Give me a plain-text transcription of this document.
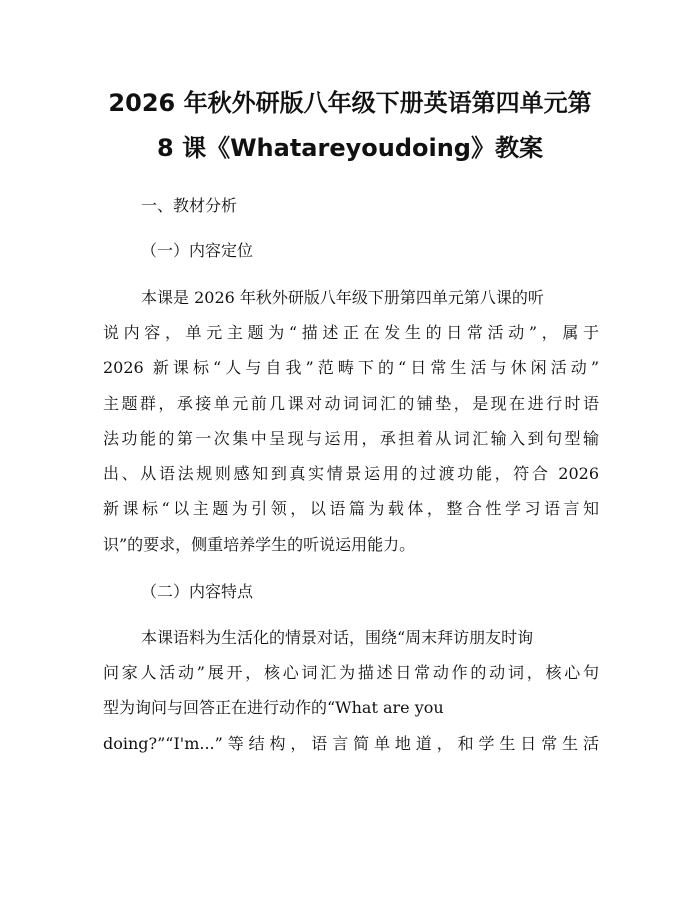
2026 年秋外研版八年级下册英语第四单元第
8 课《Whatareyoudoing》教案
一、教材分析
（一）内容定位
本课是 2026 年秋外研版八年级下册第四单元第八课的听
说内容，单元主题为“描述正在发生的日常活动”，属于
2026 新课标“人与自我”范畴下的“日常生活与休闲活动”
主题群，承接单元前几课对动词词汇的铺垫，是现在进行时语
法功能的第一次集中呈现与运用，承担着从词汇输入到句型输
出、从语法规则感知到真实情景运用的过渡功能，符合 2026
新课标“以主题为引领，以语篇为载体，整合性学习语言知
识”的要求，侧重培养学生的听说运用能力。
（二）内容特点
本课语料为生活化的情景对话，围绕“周末拜访朋友时询
问家人活动”展开，核心词汇为描述日常动作的动词，核心句
型为询问与回答正在进行动作的“What are you
doing?”“I'm...”等结构，语言简单地道，和学生日常生活
